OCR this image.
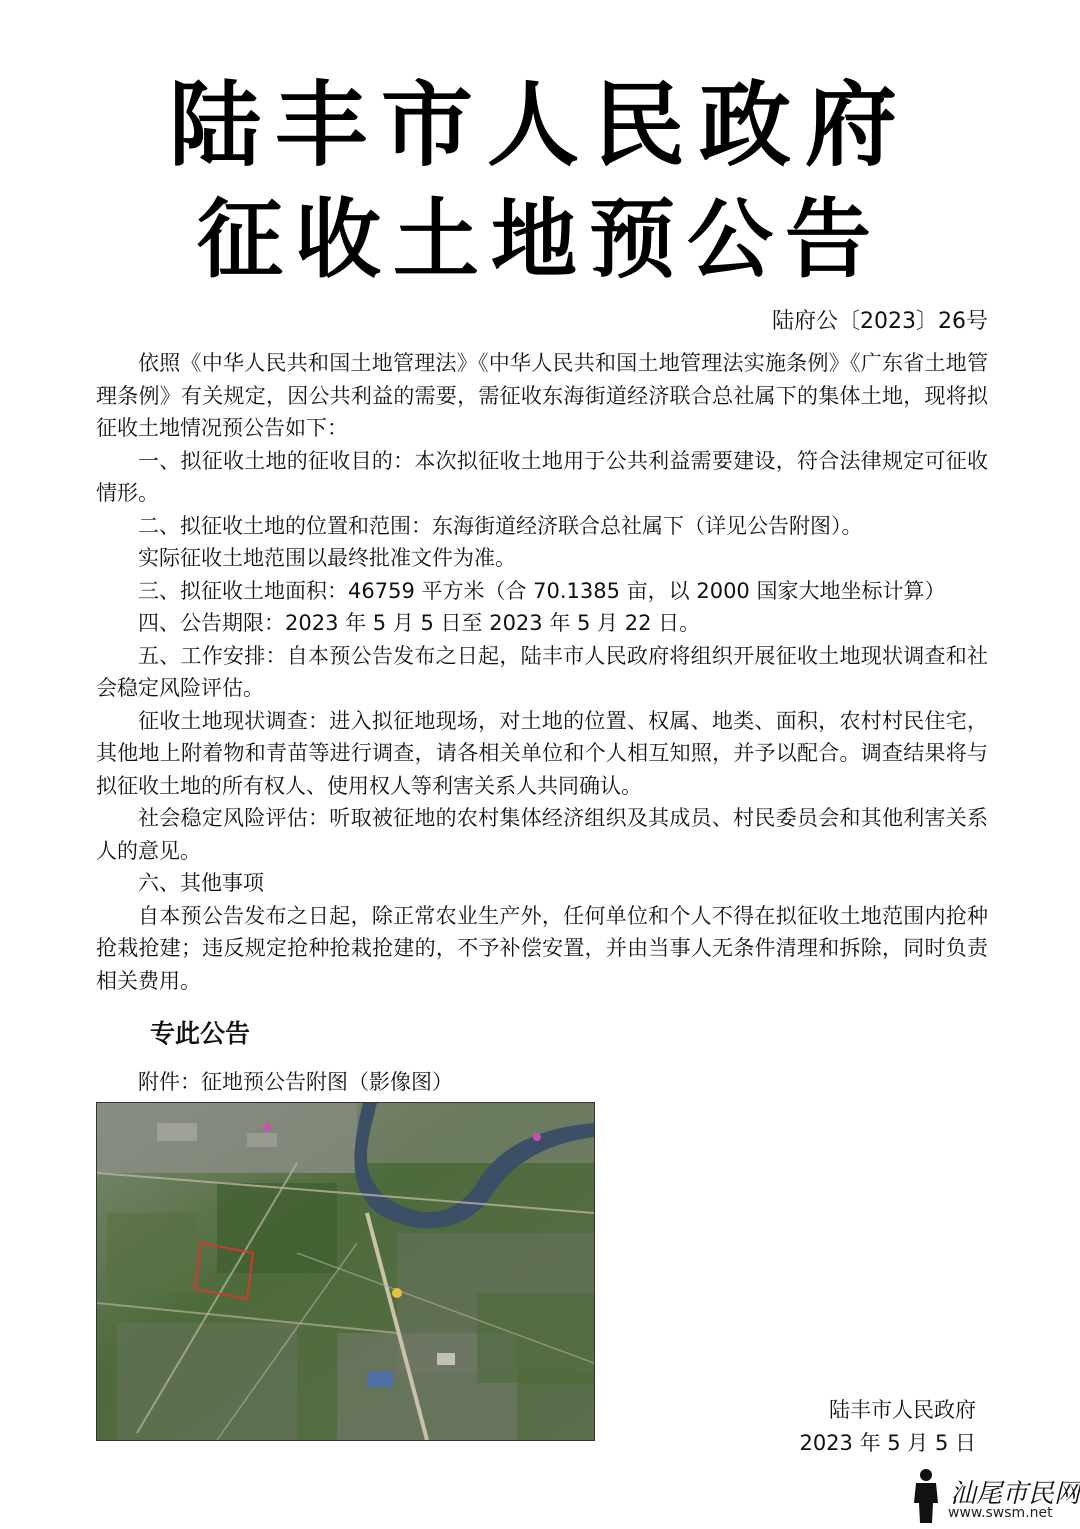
陆丰市人民政府
征收土地预公告
陆府公〔2023〕26号

依照《中华人民共和国土地管理法》《中华人民共和国土地管理法实施条例》《广东省土地管理条例》有关规定，因公共利益的需要，需征收东海街道经济联合总社属下的集体土地，现将拟征收土地情况预公告如下：

一、拟征收土地的征收目的：本次拟征收土地用于公共利益需要建设，符合法律规定可征收情形。

二、拟征收土地的位置和范围：东海街道经济联合总社属下（详见公告附图）。

实际征收土地范围以最终批准文件为准。

三、拟征收土地面积：46759 平方米（合 70.1385 亩，以 2000 国家大地坐标计算）

四、公告期限：2023 年 5 月 5 日至 2023 年 5 月 22 日。

五、工作安排：自本预公告发布之日起，陆丰市人民政府将组织开展征收土地现状调查和社会稳定风险评估。

征收土地现状调查：进入拟征地现场，对土地的位置、权属、地类、面积，农村村民住宅，其他地上附着物和青苗等进行调查，请各相关单位和个人相互知照，并予以配合。调查结果将与拟征收土地的所有权人、使用权人等利害关系人共同确认。

社会稳定风险评估：听取被征地的农村集体经济组织及其成员、村民委员会和其他利害关系人的意见。

六、其他事项

自本预公告发布之日起，除正常农业生产外，任何单位和个人不得在拟征收土地范围内抢种抢栽抢建；违反规定抢种抢栽抢建的，不予补偿安置，并由当事人无条件清理和拆除，同时负责相关费用。

专此公告
附件：征地预公告附图（影像图）
陆丰市人民政府
2023 年 5 月 5 日
汕尾市民网
www.swsm.net
